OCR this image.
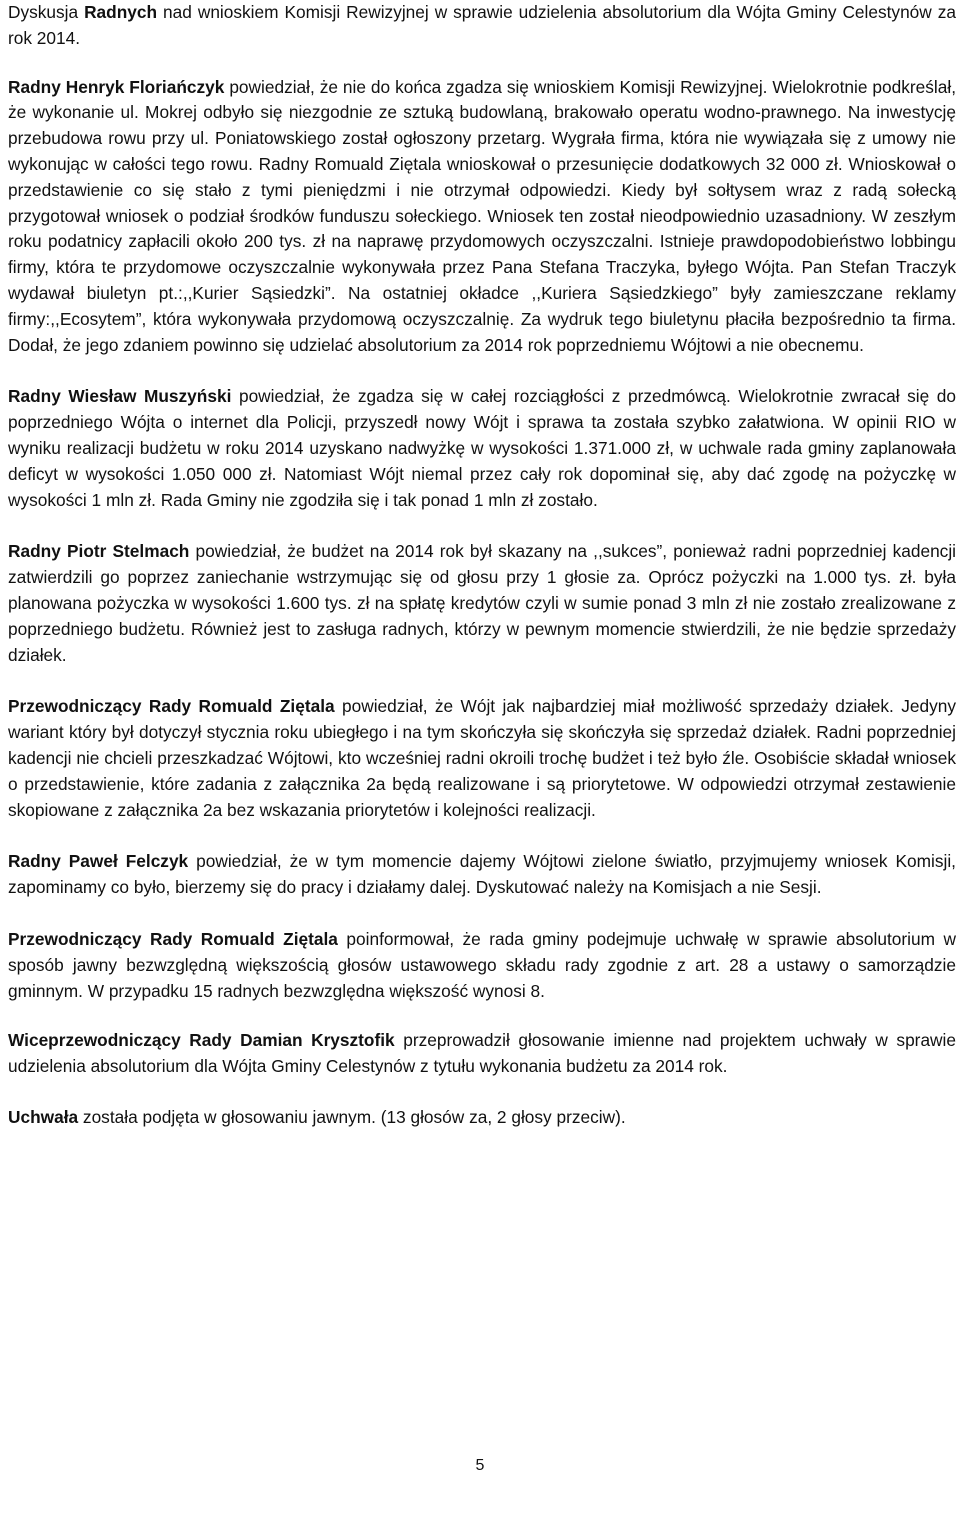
Dyskusja Radnych nad wnioskiem Komisji Rewizyjnej w sprawie udzielenia absolutorium dla Wójta Gminy Celestynów za rok 2014.

Radny Henryk Floriańczyk powiedział, że nie do końca zgadza się wnioskiem Komisji Rewizyjnej. Wielokrotnie podkreślał, że wykonanie ul. Mokrej odbyło się niezgodnie ze sztuką budowlaną, brakowało operatu wodno-prawnego. Na inwestycję przebudowa rowu przy ul. Poniatowskiego został ogłoszony przetarg. Wygrała firma, która nie wywiązała się z umowy nie wykonując w całości tego rowu. Radny Romuald Ziętala wnioskował o przesunięcie dodatkowych 32 000 zł. Wnioskował o przedstawienie co się stało z tymi pieniędzmi i nie otrzymał odpowiedzi. Kiedy był sołtysem wraz z radą sołecką przygotował wniosek o podział środków funduszu sołeckiego. Wniosek ten został nieodpowiednio uzasadniony. W zeszłym roku podatnicy zapłacili około 200 tys. zł na naprawę przydomowych oczyszczalni. Istnieje prawdopodobieństwo lobbingu firmy, która te przydomowe oczyszczalnie wykonywała przez Pana Stefana Traczyka, byłego Wójta. Pan Stefan Traczyk wydawał biuletyn pt.:,,Kurier Sąsiedzki”. Na ostatniej okładce ,,Kuriera Sąsiedzkiego” były zamieszczane reklamy firmy:,,Ecosytem”, która wykonywała przydomową oczyszczalnię. Za wydruk tego biuletynu płaciła bezpośrednio ta firma. Dodał, że jego zdaniem powinno się udzielać absolutorium za 2014 rok poprzedniemu Wójtowi a nie obecnemu.

Radny Wiesław Muszyński powiedział, że zgadza się w całej rozciągłości z przedmówcą. Wielokrotnie zwracał się do poprzedniego Wójta o internet dla Policji, przyszedł nowy Wójt i sprawa ta została szybko załatwiona. W opinii RIO w wyniku realizacji budżetu w roku 2014 uzyskano nadwyżkę w wysokości 1.371.000 zł, w uchwale rada gminy zaplanowała deficyt w wysokości 1.050 000 zł. Natomiast Wójt niemal przez cały rok dopominał się, aby dać zgodę na pożyczkę w wysokości 1 mln zł. Rada Gminy nie zgodziła się i tak ponad 1 mln zł zostało.

Radny Piotr Stelmach powiedział, że budżet na 2014 rok był skazany na ,,sukces”, ponieważ radni poprzedniej kadencji zatwierdzili go poprzez zaniechanie wstrzymując się od głosu przy 1 głosie za. Oprócz pożyczki na 1.000 tys. zł. była planowana pożyczka w wysokości 1.600 tys. zł na spłatę kredytów czyli w sumie ponad 3 mln zł nie zostało zrealizowane z poprzedniego budżetu. Również jest to zasługa radnych, którzy w pewnym momencie stwierdzili, że nie będzie sprzedaży działek.

Przewodniczący Rady Romuald Ziętala powiedział, że Wójt jak najbardziej miał możliwość sprzedaży działek. Jedyny wariant który był dotyczył stycznia roku ubiegłego i na tym skończyła się skończyła się sprzedaż działek. Radni poprzedniej kadencji nie chcieli przeszkadzać Wójtowi, kto wcześniej radni okroili trochę budżet i też było źle. Osobiście składał wniosek o przedstawienie, które zadania z załącznika 2a będą realizowane i są priorytetowe. W odpowiedzi otrzymał zestawienie skopiowane z załącznika 2a bez wskazania priorytetów i kolejności realizacji.

Radny Paweł Felczyk powiedział, że w tym momencie dajemy Wójtowi zielone światło, przyjmujemy wniosek Komisji, zapominamy co było, bierzemy się do pracy i działamy dalej. Dyskutować należy na Komisjach a nie Sesji.

Przewodniczący Rady Romuald Ziętala poinformował, że rada gminy podejmuje uchwałę w sprawie absolutorium w sposób jawny bezwzględną większością głosów ustawowego składu rady zgodnie z art. 28 a ustawy o samorządzie gminnym. W przypadku 15 radnych bezwzględna większość wynosi 8.

Wiceprzewodniczący Rady Damian Krysztofik przeprowadził głosowanie imienne nad projektem uchwały w sprawie udzielenia absolutorium dla Wójta Gminy Celestynów z tytułu wykonania budżetu za 2014 rok.

Uchwała została podjęta w głosowaniu jawnym. (13 głosów za, 2 głosy przeciw).

5
